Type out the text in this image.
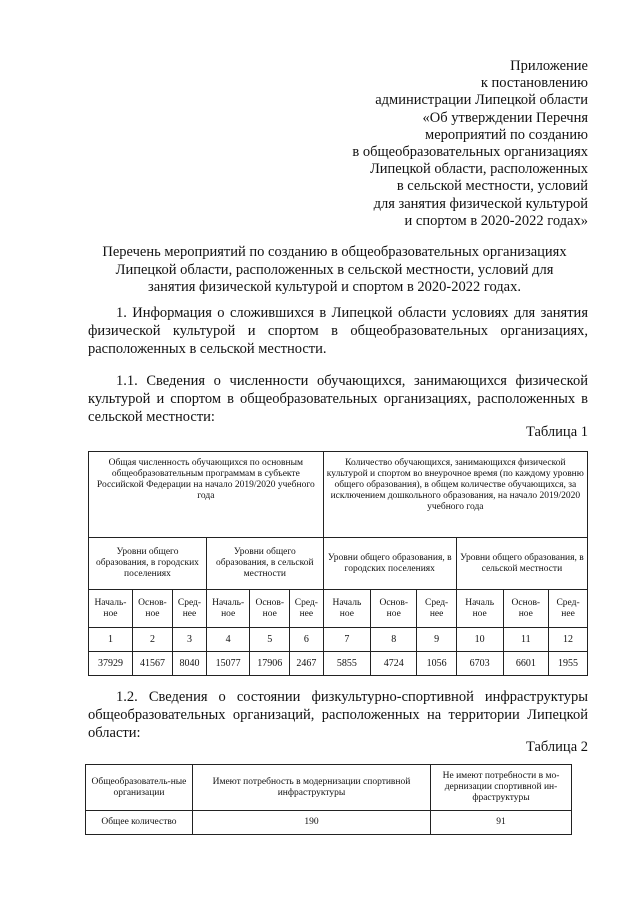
Приложение
к постановлению
администрации Липецкой области
«Об утверждении Перечня
мероприятий по созданию
в общеобразовательных организациях
Липецкой области, расположенных
в сельской местности, условий
для занятия физической культурой
и спортом в 2020-2022 годах»
Перечень мероприятий по созданию в общеобразовательных организациях
Липецкой области, расположенных в сельской местности, условий для
занятия физической культурой и спортом в 2020-2022 годах.
1. Информация о сложившихся в Липецкой области условиях для занятия физической культурой и спортом в общеобразовательных организациях, расположенных в сельской местности.
1.1. Сведения о численности обучающихся, занимающихся физической культурой и спортом в общеобразовательных организациях, расположенных в сельской местности:
Таблица 1
Общая численность обучающихся по основным общеобразовательным программам в субъекте Российской Федерации на начало 2019/2020 учебного года						Количество обучающихся, занимающихся физической культурой и спортом во внеурочное время (по каждому уровню общего образования), в общем количестве обучающихся, за исключением дошкольного образования, на начало 2019/2020 учебного года					
Уровни общего образования, в городских поселениях			Уровни общего образования, в сельской местности			Уровни общего образования, в городских поселениях			Уровни общего образования, в сельской местности		
Началь-ное	Основ-ное	Сред-нее	Началь-ное	Основ-ное	Сред-нее	Началь ное	Основ-ное	Сред-нее	Началь ное	Основ-ное	Сред-нее
1	2	3	4	5	6	7	8	9	10	11	12
37929	41567	8040	15077	17906	2467	5855	4724	1056	6703	6601	1955
1.2. Сведения о состоянии физкультурно-спортивной инфраструктуры общеобразовательных организаций, расположенных на территории Липецкой области:
Таблица 2
Общеобразователь-ные организации	Имеют потребность в модернизации спортивной инфраструктуры	Не имеют потребности в мо-дернизации спортивной ин-фраструктуры
Общее количество	190	91
